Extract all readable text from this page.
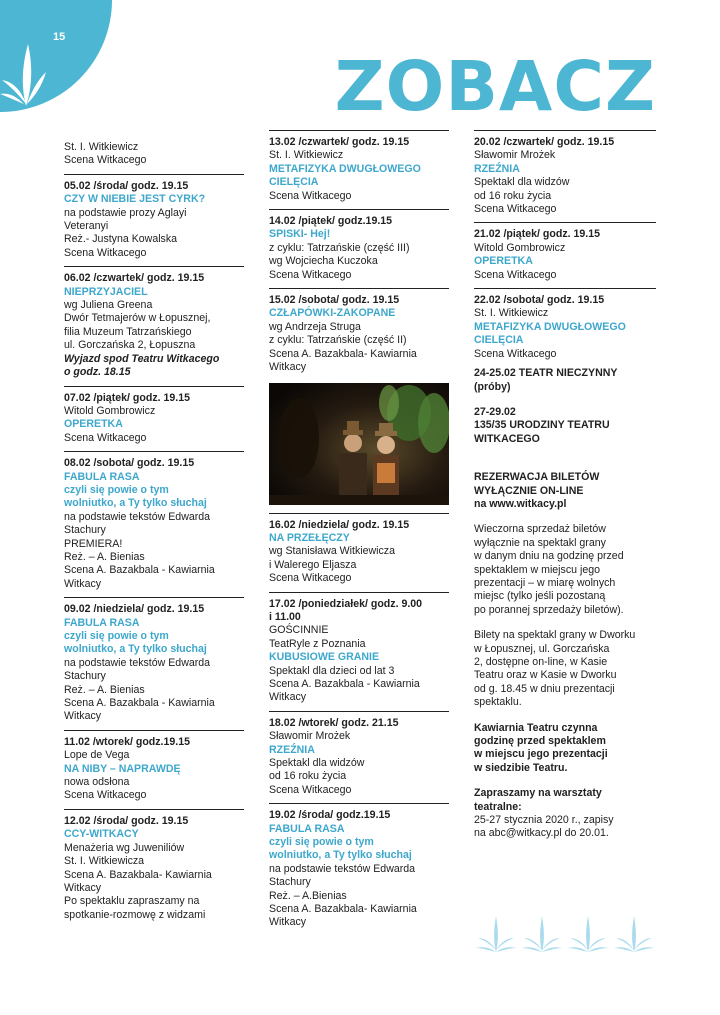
15
ZOBACZ
St. I. Witkiewicz
Scena Witkacego
05.02 /środa/ godz. 19.15
CZY W NIEBIE JEST CYRK?
na podstawie prozy Aglayi
Veteranyi
Reż.- Justyna Kowalska
Scena Witkacego
06.02 /czwartek/ godz. 19.15
NIEPRZYJACIEL
wg Juliena Greena
Dwór Tetmajerów w Łopusznej,
filia Muzeum Tatrzańskiego
ul. Gorczańska 2, Łopuszna
Wyjazd spod Teatru Witkacego
o godz. 18.15
07.02 /piątek/ godz. 19.15
Witold Gombrowicz
OPERETKA
Scena Witkacego
08.02 /sobota/ godz. 19.15
FABULA RASA
czyli się powie o tym
wolniutko, a Ty tylko słuchaj
na podstawie tekstów Edwarda
Stachury
PREMIERA!
Reż. – A. Bienias
Scena A. Bazakbala - Kawiarnia
Witkacy
09.02 /niedziela/ godz. 19.15
FABULA RASA
czyli się powie o tym
wolniutko, a Ty tylko słuchaj
na podstawie tekstów Edwarda
Stachury
Reż. – A. Bienias
Scena A. Bazakbala - Kawiarnia
Witkacy
11.02 /wtorek/ godz.19.15
Lope de Vega
NA NIBY – NAPRAWDĘ
nowa odsłona
Scena Witkacego
12.02 /środa/ godz. 19.15
CCY-WITKACY
Menażeria wg Juweniliów
St. I. Witkiewicza
Scena A. Bazakbala- Kawiarnia
Witkacy
Po spektaklu zapraszamy na
spotkanie-rozmowę z widzami
13.02 /czwartek/ godz. 19.15
St. I. Witkiewicz
METAFIZYKA DWUGŁOWEGO
CIELĘCIA
Scena Witkacego
14.02 /piątek/ godz.19.15
SPISKI- Hej!
z cyklu: Tatrzańskie (część III)
wg Wojciecha Kuczoka
Scena Witkacego
15.02 /sobota/ godz. 19.15
CZŁAPÓWKI-ZAKOPANE
wg Andrzeja Struga
z cyklu: Tatrzańskie (część II)
Scena A. Bazakbala- Kawiarnia
Witkacy
16.02 /niedziela/ godz. 19.15
NA PRZEŁĘCZY
wg Stanisława Witkiewicza
i Walerego Eljasza
Scena Witkacego
17.02 /poniedziałek/ godz. 9.00
i 11.00
GOŚCINNIE
TeatRyle z Poznania
KUBUSIOWE GRANIE
Spektakl dla dzieci od lat 3
Scena A. Bazakbala - Kawiarnia
Witkacy
18.02 /wtorek/ godz. 21.15
Sławomir Mrożek
RZEŹNIA
Spektakl dla widzów
od 16 roku życia
Scena Witkacego
19.02 /środa/ godz.19.15
FABULA RASA
czyli się powie o tym
wolniutko, a Ty tylko słuchaj
na podstawie tekstów Edwarda
Stachury
Reż. – A.Bienias
Scena A. Bazakbala- Kawiarnia
Witkacy
20.02 /czwartek/ godz. 19.15
Sławomir Mrożek
RZEŹNIA
Spektakl dla widzów
od 16 roku życia
Scena Witkacego
21.02 /piątek/ godz. 19.15
Witold Gombrowicz
OPERETKA
Scena Witkacego
22.02 /sobota/ godz. 19.15
St. I. Witkiewicz
METAFIZYKA DWUGŁOWEGO
CIELĘCIA
Scena Witkacego
24-25.02 TEATR NIECZYNNY
(próby)
27-29.02
135/35 URODZINY TEATRU
WITKACEGO
REZERWACJA BILETÓW
WYŁĄCZNIE ON-LINE
na www.witkacy.pl
Wieczorna sprzedaż biletów
wyłącznie na spektakl grany
w danym dniu na godzinę przed
spektaklem w miejscu jego
prezentacji – w miarę wolnych
miejsc (tylko jeśli pozostaną
po porannej sprzedaży biletów).
Bilety na spektakl grany w Dworku
w Łopusznej, ul. Gorczańska
2, dostępne on-line, w Kasie
Teatru oraz w Kasie w Dworku
od g. 18.45 w dniu prezentacji
spektaklu.
Kawiarnia Teatru czynna
godzinę przed spektaklem
w miejscu jego prezentacji
w siedzibie Teatru.
Zapraszamy na warsztaty
teatralne:
25-27 stycznia 2020 r., zapisy
na abc@witkacy.pl do 20.01.
